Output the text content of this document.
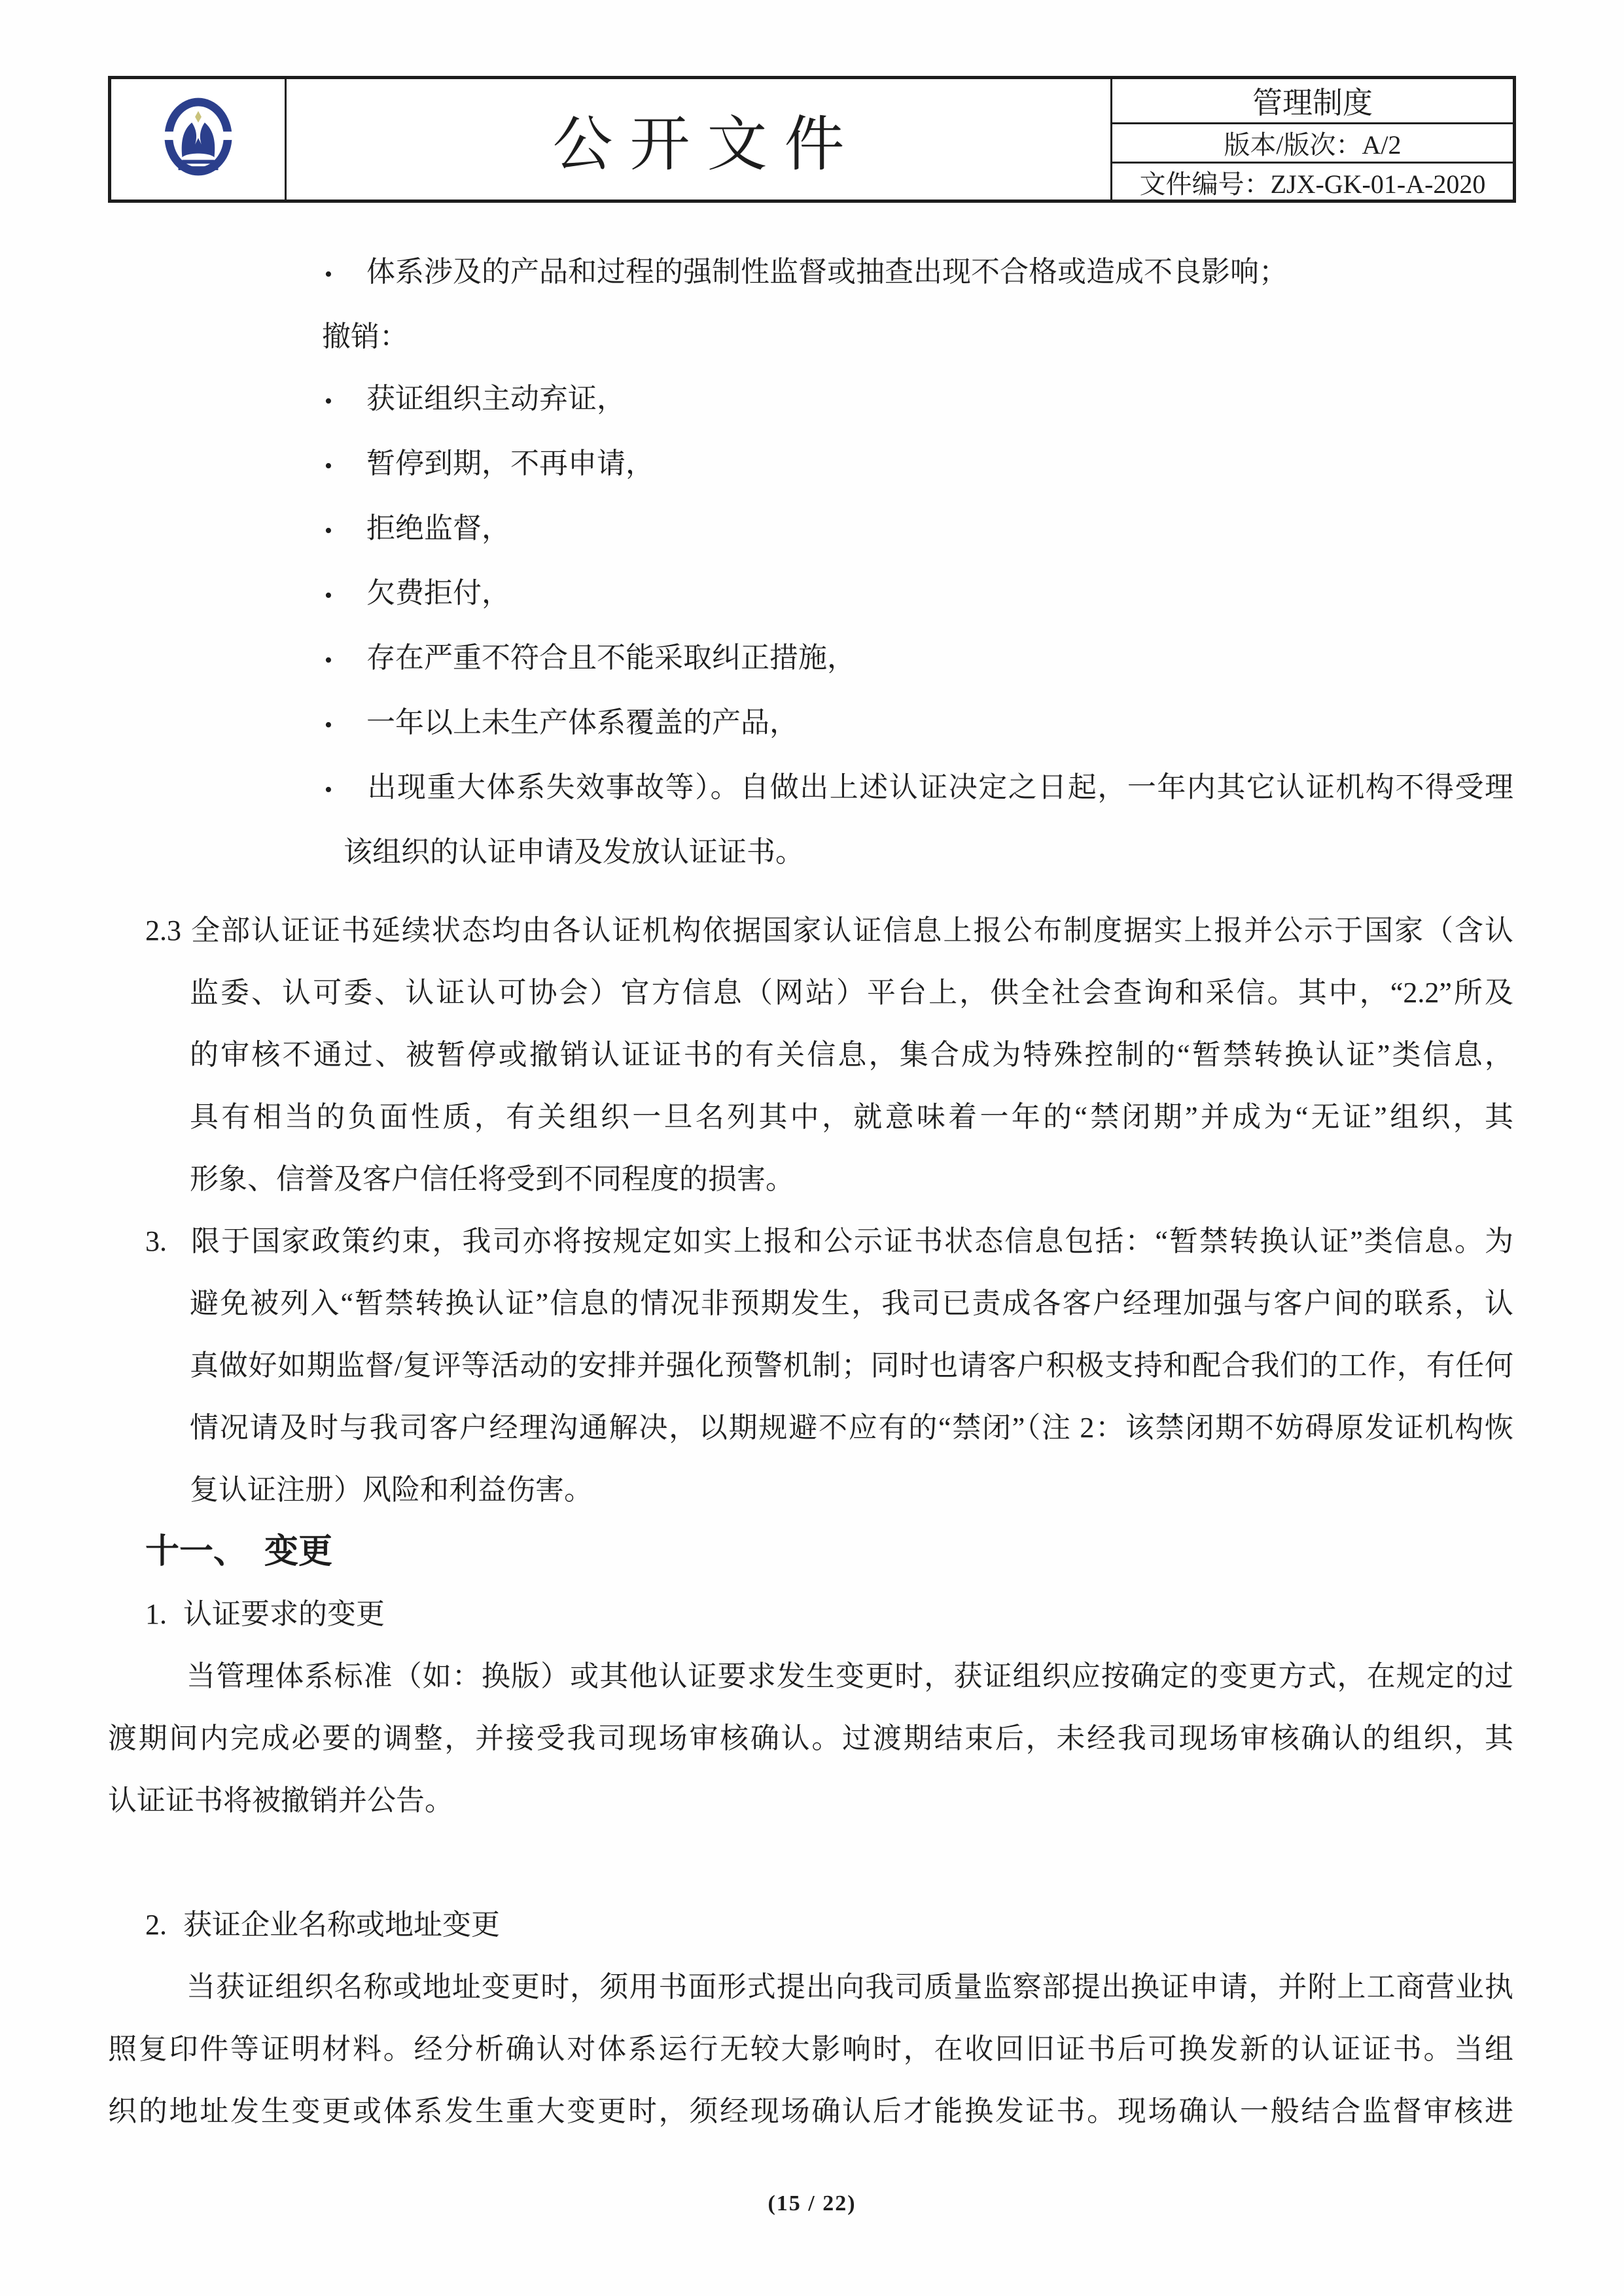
公开文件
管理制度
版本/版次：A/2
文件编号：ZJX-GK-01-A-2020
• 体系涉及的产品和过程的强制性监督或抽查出现不合格或造成不良影响；
撤销：
• 获证组织主动弃证，
• 暂停到期，不再申请，
• 拒绝监督，
• 欠费拒付，
• 存在严重不符合且不能采取纠正措施，
• 一年以上未生产体系覆盖的产品，
• 出现重大体系失效事故等）。自做出上述认证决定之日起，一年内其它认证机构不得受理
该组织的认证申请及发放认证证书。
2.3 全部认证证书延续状态均由各认证机构依据国家认证信息上报公布制度据实上报并公示于国家（含认
监委、认可委、认证认可协会）官方信息（网站）平台上，供全社会查询和采信。其中，“2.2”所及
的审核不通过、被暂停或撤销认证证书的有关信息，集合成为特殊控制的“暂禁转换认证”类信息，
具有相当的负面性质，有关组织一旦名列其中，就意味着一年的“禁闭期”并成为“无证”组织，其
形象、信誉及客户信任将受到不同程度的损害。
3. 限于国家政策约束，我司亦将按规定如实上报和公示证书状态信息包括：“暂禁转换认证”类信息。为
避免被列入“暂禁转换认证”信息的情况非预期发生，我司已责成各客户经理加强与客户间的联系，认
真做好如期监督/复评等活动的安排并强化预警机制；同时也请客户积极支持和配合我们的工作，有任何
情况请及时与我司客户经理沟通解决，以期规避不应有的“禁闭”（注 2：该禁闭期不妨碍原发证机构恢
复认证注册）风险和利益伤害。
十一、　变更
1. 认证要求的变更
当管理体系标准（如：换版）或其他认证要求发生变更时，获证组织应按确定的变更方式，在规定的过
渡期间内完成必要的调整，并接受我司现场审核确认。过渡期结束后，未经我司现场审核确认的组织，其
认证证书将被撤销并公告。
2. 获证企业名称或地址变更
当获证组织名称或地址变更时，须用书面形式提出向我司质量监察部提出换证申请，并附上工商营业执
照复印件等证明材料。经分析确认对体系运行无较大影响时，在收回旧证书后可换发新的认证证书。当组
织的地址发生变更或体系发生重大变更时，须经现场确认后才能换发证书。现场确认一般结合监督审核进
(15 / 22)
